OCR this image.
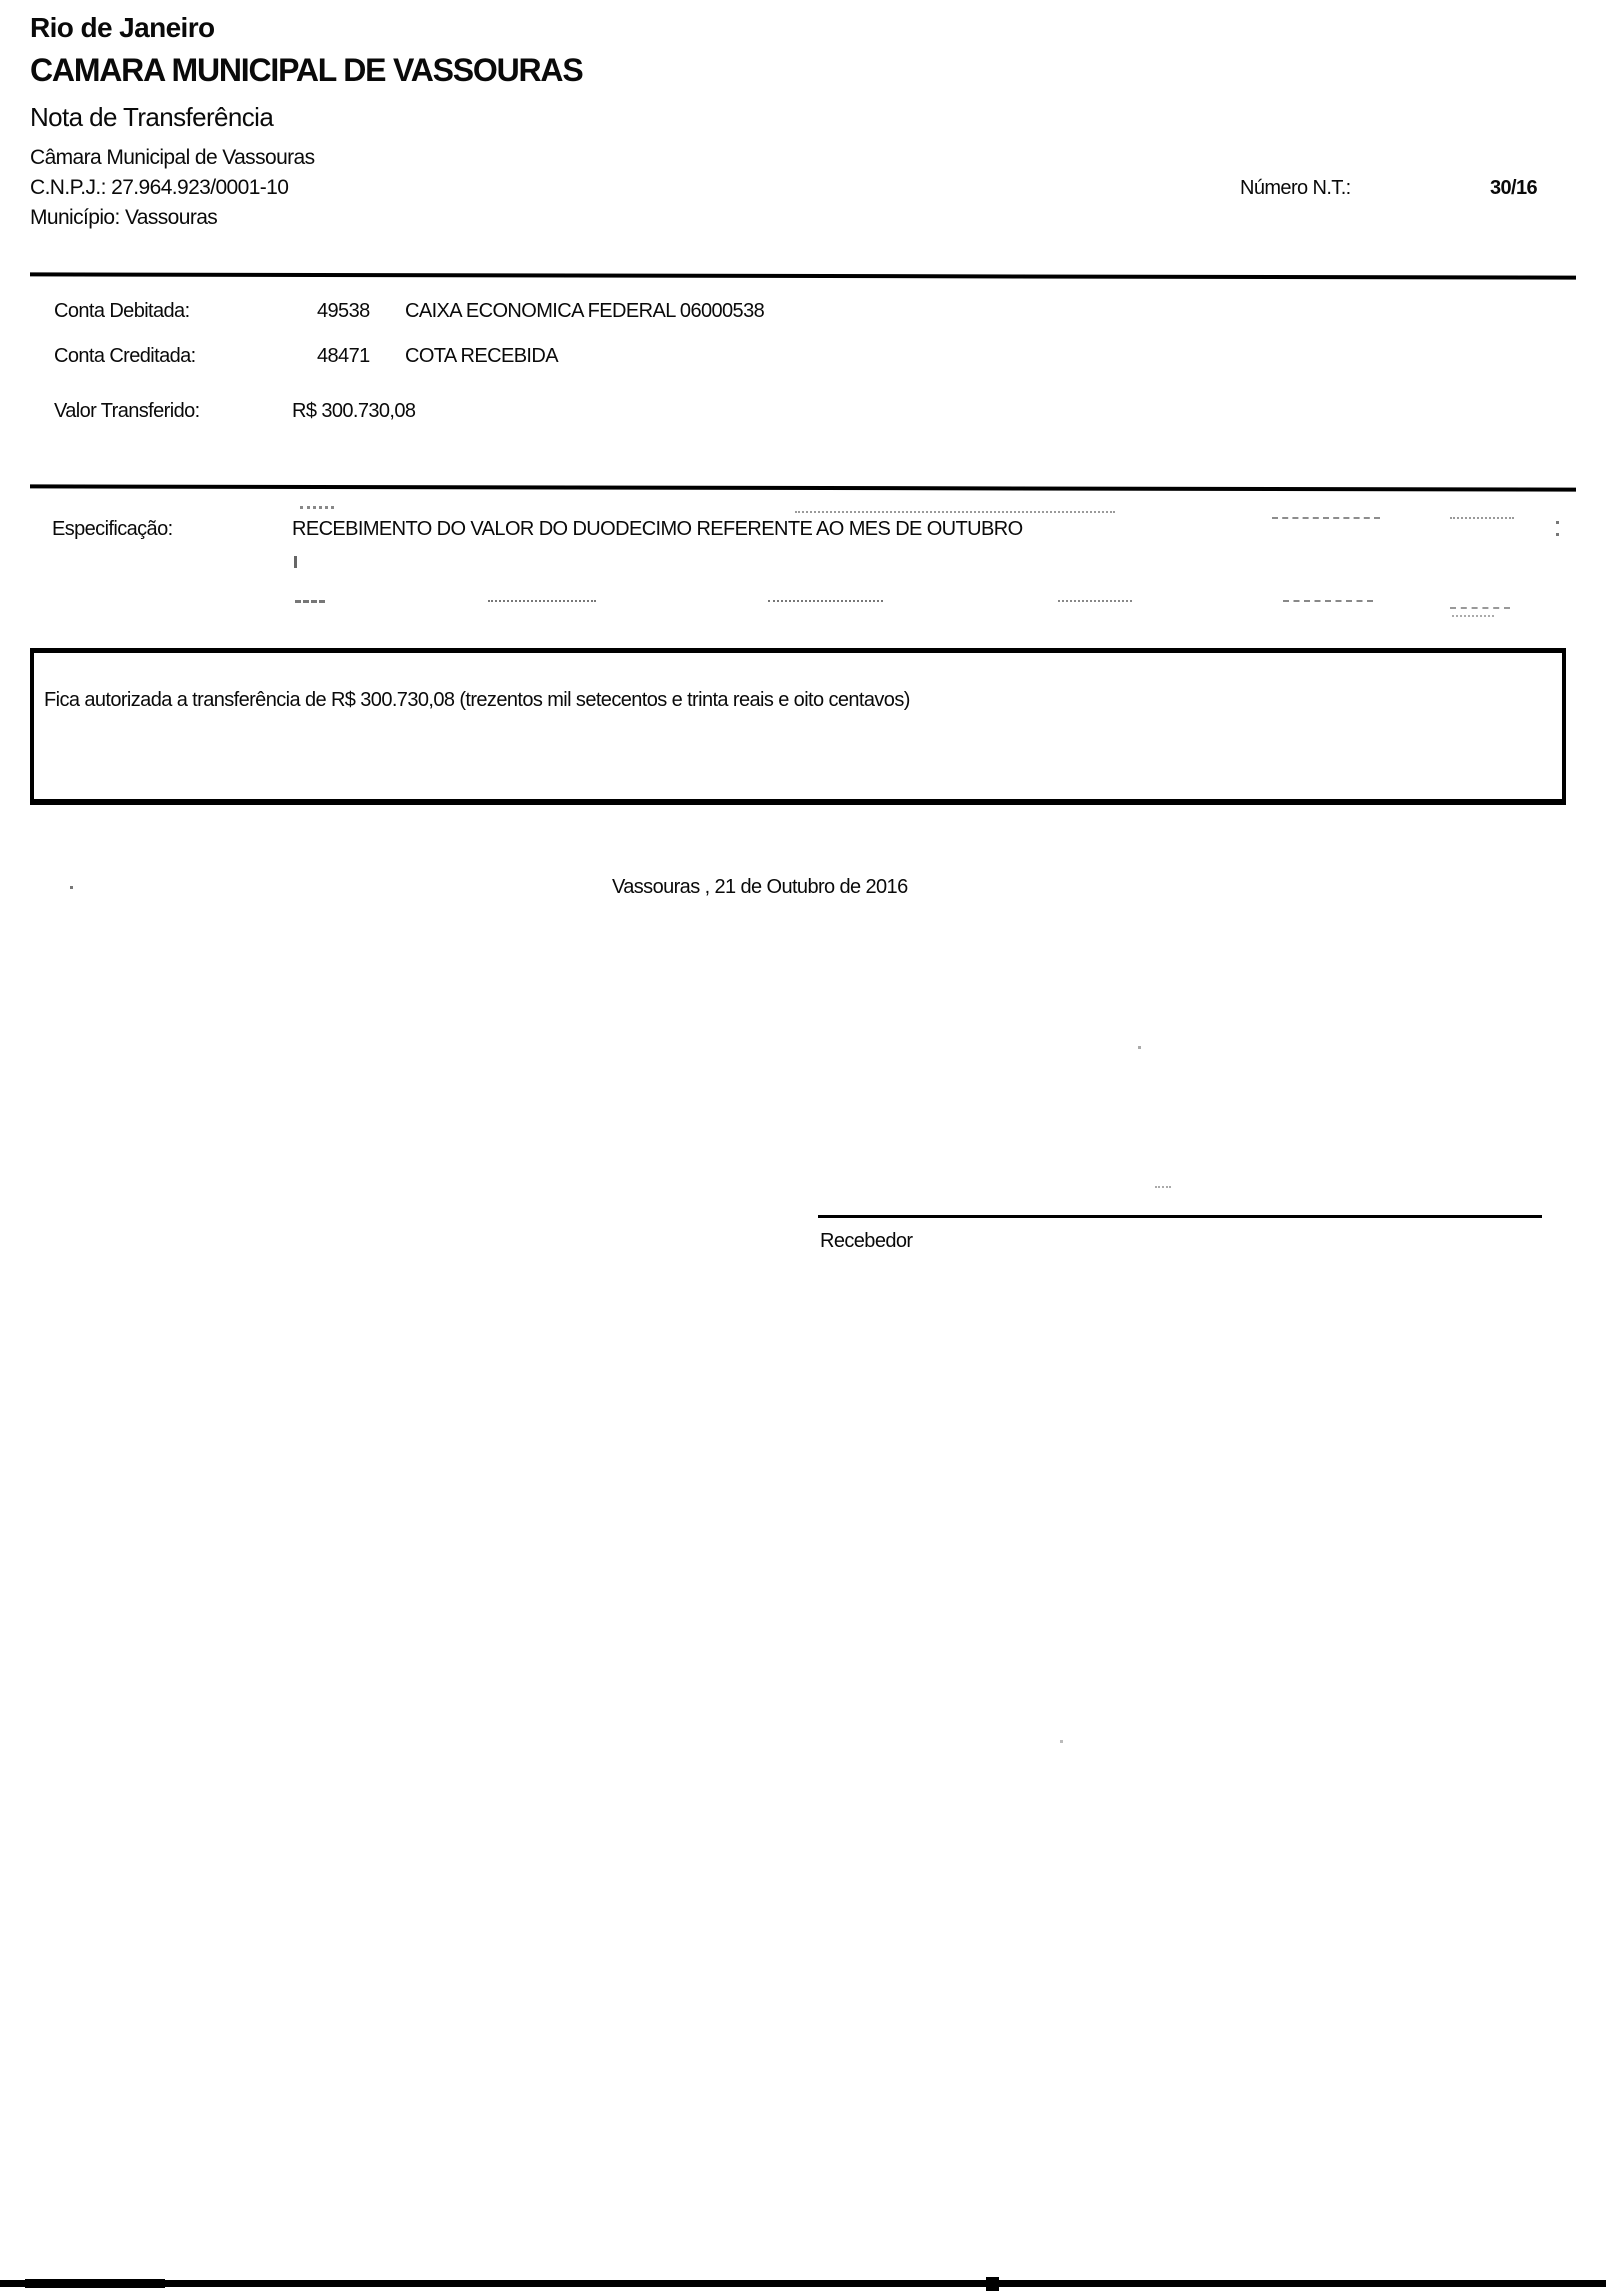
Rio de Janeiro
CAMARA MUNICIPAL DE VASSOURAS
Nota de Transferência
Câmara Municipal de Vassouras
C.N.P.J.: 27.964.923/0001-10
Município: Vassouras
Número N.T.:	30/16
Conta Debitada:	49538 CAIXA ECONOMICA FEDERAL 06000538
Conta Creditada:	48471 COTA RECEBIDA
Valor Transferido:	R$ 300.730,08
Especificação:	RECEBIMENTO DO VALOR DO DUODECIMO REFERENTE AO MES DE OUTUBRO
Fica autorizada a transferência de R$ 300.730,08 (trezentos mil setecentos e trinta reais e oito centavos)
Vassouras , 21 de Outubro de 2016
Recebedor
